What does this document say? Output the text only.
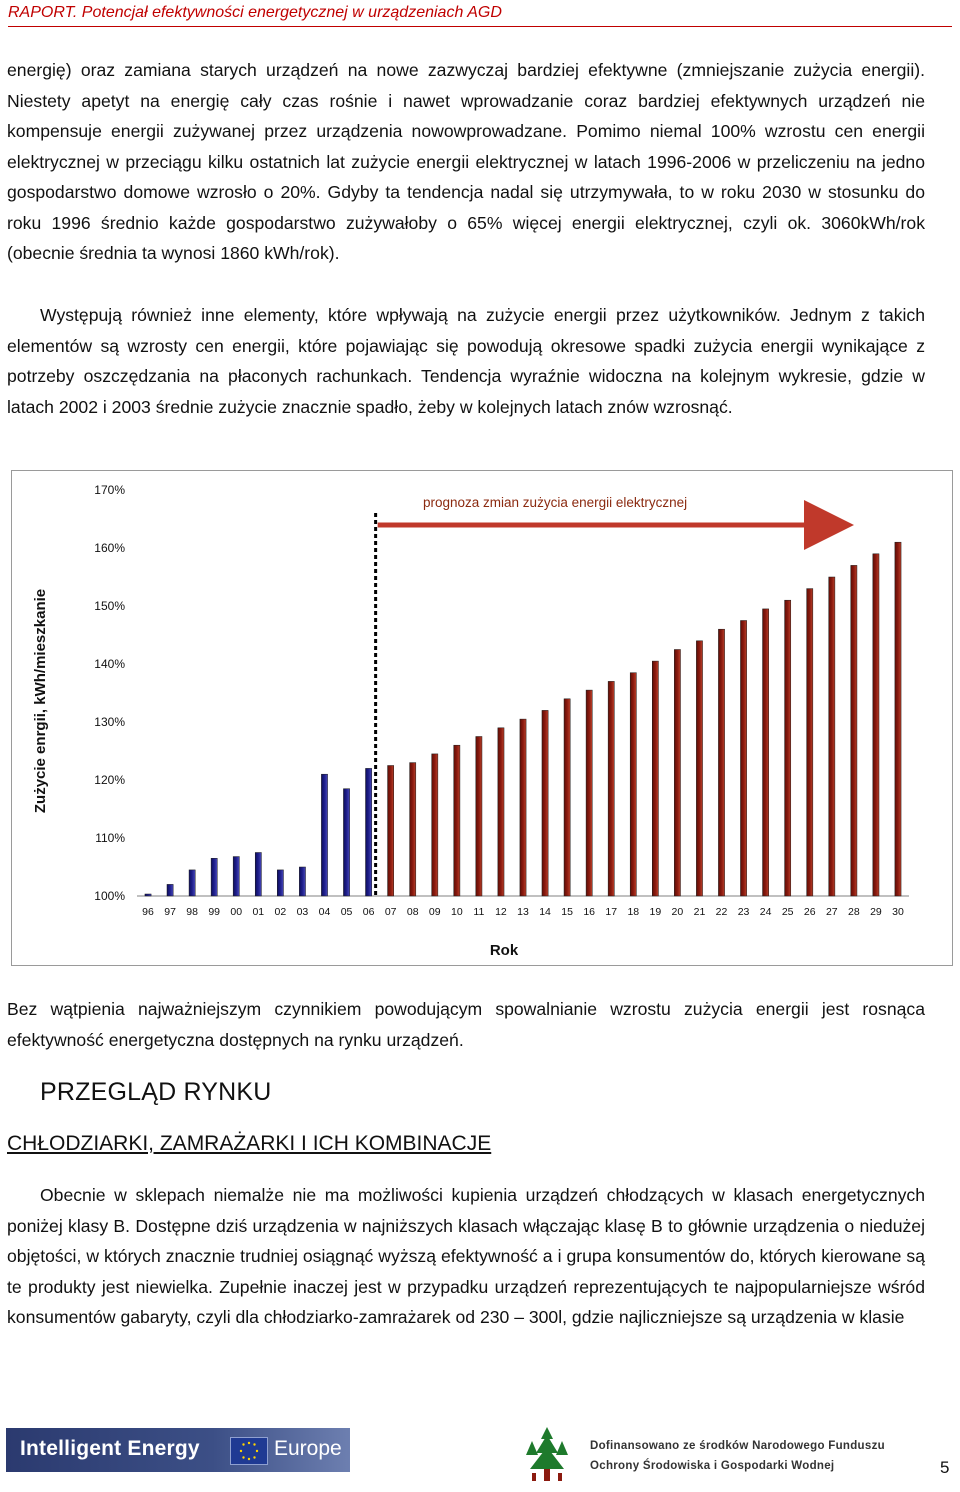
RAPORT. Potencjał efektywności energetycznej w urządzeniach AGD

energię) oraz zamiana starych urządzeń na nowe zazwyczaj bardziej efektywne (zmniejszanie zużycia energii). Niestety apetyt na energię cały czas rośnie i nawet wprowadzanie coraz bardziej efektywnych urządzeń nie kompensuje energii zużywanej przez urządzenia nowowprowadzane. Pomimo niemal 100% wzrostu cen energii elektrycznej w przeciągu kilku ostatnich lat zużycie energii elektrycznej w latach 1996-2006 w przeliczeniu na jedno gospodarstwo domowe wzrosło o 20%. Gdyby ta tendencja nadal się utrzymywała, to w roku 2030 w stosunku do roku 1996 średnio każde gospodarstwo zużywałoby o 65% więcej energii elektrycznej, czyli ok. 3060kWh/rok (obecnie średnia ta wynosi 1860 kWh/rok).

Występują również inne elementy, które wpływają na zużycie energii przez użytkowników. Jednym z takich elementów są wzrosty cen energii, które pojawiając się powodują okresowe spadki zużycia energii wynikające z potrzeby oszczędzania na płaconych rachunkach. Tendencja wyraźnie widoczna na kolejnym wykresie, gdzie w latach 2002 i 2003 średnie zużycie znacznie spadło, żeby w kolejnych latach znów wzrosnąć.

100%
110%
120%
130%
140%
150%
160%
170%
96 97 98 99 00 01 02 03 04 05 06 07 08 09 10 11 12 13 14 15 16 17 18 19 20 21 22 23 24 25 26 27 28 29 30
prognoza zmian zużycia energii elektrycznej
Rok
Zużycie enrgii, kWh/mieszkanie

Bez wątpienia najważniejszym czynnikiem powodującym spowalnianie wzrostu zużycia energii jest rosnąca efektywność energetyczna dostępnych na rynku urządzeń.

PRZEGLĄD RYNKU
CHŁODZIARKI, ZAMRAŻARKI I ICH KOMBINACJE

Obecnie w sklepach niemalże nie ma możliwości kupienia urządzeń chłodzących w klasach energetycznych poniżej klasy B. Dostępne dziś urządzenia w najniższych klasach włączając klasę B to głównie urządzenia o niedużej objętości, w których znacznie trudniej osiągnąć wyższą efektywność a i grupa konsumentów do, których kierowane są te produkty jest niewielka. Zupełnie inaczej jest w przypadku urządzeń reprezentujących te najpopularniejsze wśród konsumentów gabaryty, czyli dla chłodziarko-zamrażarek od 230 – 300l, gdzie najliczniejsze są urządzenia w klasie

Intelligent Energy	Europe	Dofinansowano ze środków Narodowego Funduszu
Ochrony Środowiska i Gospodarki Wodnej	5
